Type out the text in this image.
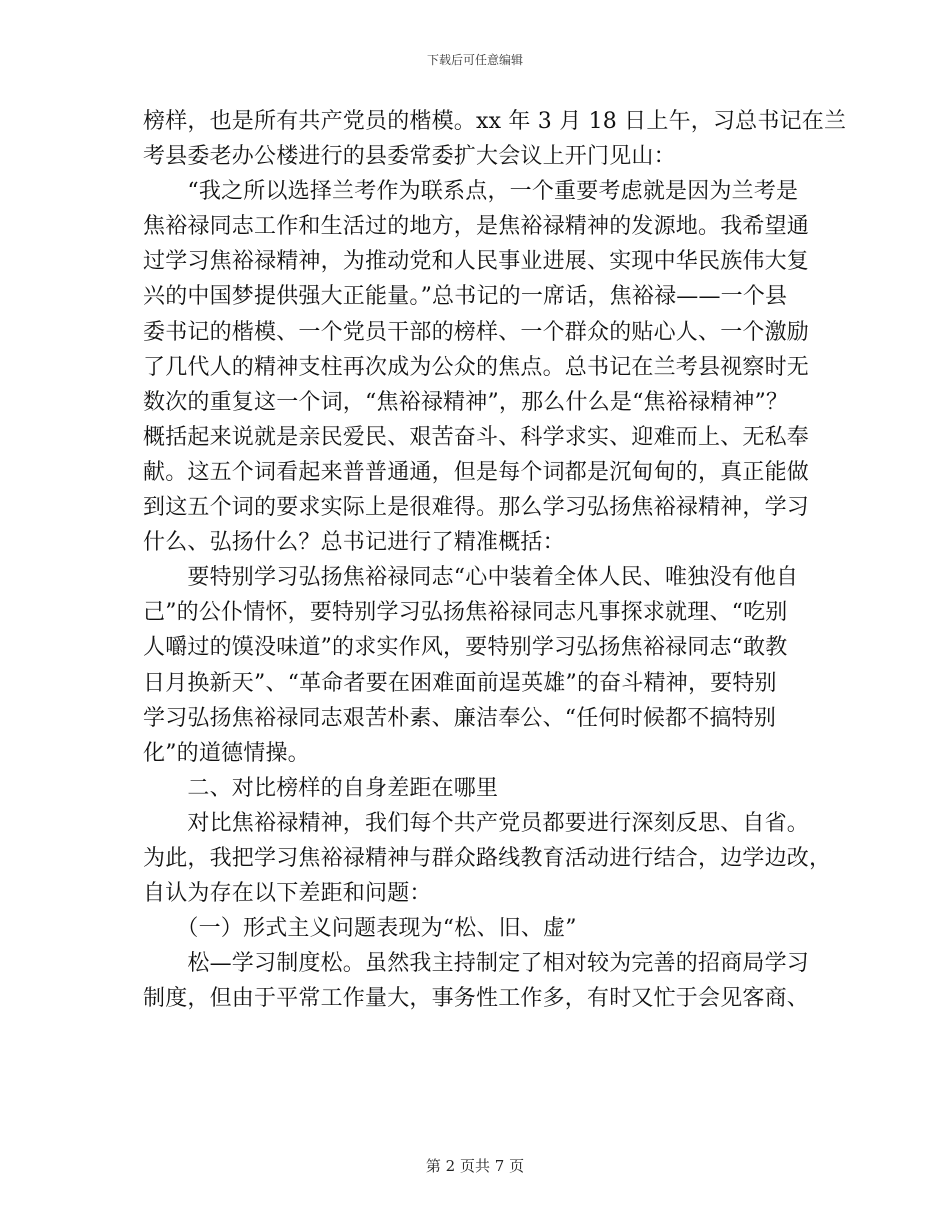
下载后可任意编辑
榜样，也是所有共产党员的楷模。xx 年 3 月 18 日上午，习总书记在兰
考县委老办公楼进行的县委常委扩大会议上开门见山：
　　“我之所以选择兰考作为联系点，一个重要考虑就是因为兰考是
焦裕禄同志工作和生活过的地方，是焦裕禄精神的发源地。我希望通
过学习焦裕禄精神，为推动党和人民事业进展、实现中华民族伟大复
兴的中国梦提供强大正能量。”总书记的一席话，焦裕禄——一个县
委书记的楷模、一个党员干部的榜样、一个群众的贴心人、一个激励
了几代人的精神支柱再次成为公众的焦点。总书记在兰考县视察时无
数次的重复这一个词，“焦裕禄精神”，那么什么是“焦裕禄精神”？
概括起来说就是亲民爱民、艰苦奋斗、科学求实、迎难而上、无私奉
献。这五个词看起来普普通通，但是每个词都是沉甸甸的，真正能做
到这五个词的要求实际上是很难得。那么学习弘扬焦裕禄精神，学习
什么、弘扬什么？总书记进行了精准概括：
　　要特别学习弘扬焦裕禄同志“心中装着全体人民、唯独没有他自
己”的公仆情怀，要特别学习弘扬焦裕禄同志凡事探求就理、“吃别
人嚼过的馍没味道”的求实作风，要特别学习弘扬焦裕禄同志“敢教
日月换新天”、“革命者要在困难面前逞英雄”的奋斗精神，要特别
学习弘扬焦裕禄同志艰苦朴素、廉洁奉公、“任何时候都不搞特别
化”的道德情操。
　　二、对比榜样的自身差距在哪里
　　对比焦裕禄精神，我们每个共产党员都要进行深刻反思、自省。
为此，我把学习焦裕禄精神与群众路线教育活动进行结合，边学边改，
自认为存在以下差距和问题：
　　（一）形式主义问题表现为“松、旧、虚”
　　松—学习制度松。虽然我主持制定了相对较为完善的招商局学习
制度，但由于平常工作量大，事务性工作多，有时又忙于会见客商、
第 2 页共 7 页
